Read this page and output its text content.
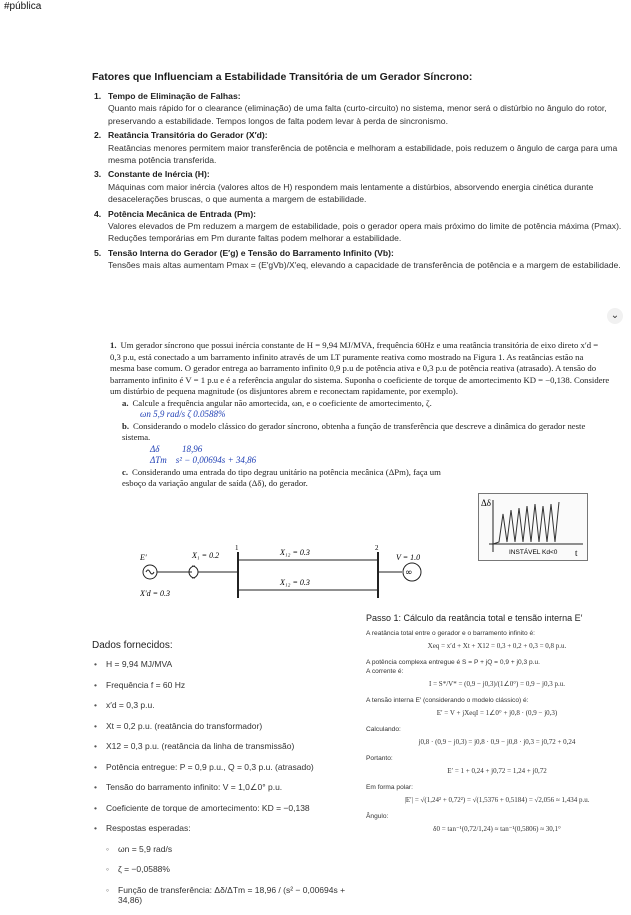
#pública
Fatores que Influenciam a Estabilidade Transitória de um Gerador Síncrono:
1. Tempo de Eliminação de Falhas:
Quanto mais rápido for o clearance (eliminação) de uma falta (curto-circuito) no sistema, menor será o distúrbio no ângulo do rotor, preservando a estabilidade. Tempos longos de falta podem levar à perda de sincronismo.
2. Reatância Transitória do Gerador (X′d):
Reatâncias menores permitem maior transferência de potência e melhoram a estabilidade, pois reduzem o ângulo de carga para uma mesma potência transferida.
3. Constante de Inércia (H):
Máquinas com maior inércia (valores altos de H) respondem mais lentamente a distúrbios, absorvendo energia cinética durante desacelerações bruscas, o que aumenta a margem de estabilidade.
4. Potência Mecânica de Entrada (Pm):
Valores elevados de Pm reduzem a margem de estabilidade, pois o gerador opera mais próximo do limite de potência máxima (Pmax). Reduções temporárias em Pm durante faltas podem melhorar a estabilidade.
5. Tensão Interna do Gerador (E′g) e Tensão do Barramento Infinito (Vb):
Tensões mais altas aumentam Pmax = (E′gVb)/X′eq, elevando a capacidade de transferência de potência e a margem de estabilidade.
⌄
1. Um gerador síncrono que possui inércia constante de H = 9,94 MJ/MVA, frequência 60Hz e uma reatância transitória de eixo direto x′d = 0,3 p.u, está conectado a um barramento infinito através de um LT puramente reativa como mostrado na Figura 1. As reatâncias estão na mesma base comum. O gerador entrega ao barramento infinito 0,9 p.u de potência ativa e 0,3 p.u de potência reativa (atrasado). A tensão do barramento infinito é V = 1 p.u e é a referência angular do sistema. Suponha o coeficiente de torque de amortecimento KD = −0,138. Considere um distúrbio de pequena magnitude (os disjuntores abrem e reconectam rapidamente, por exemplo).
a. Calcule a frequência angular não amortecida, ωn, e o coeficiente de amortecimento, ζ.
ωn 5,9 rad/s ζ 0.0588%
b. Considerando o modelo clássico do gerador síncrono, obtenha a função de transferência que descreve a dinâmica do gerador neste sistema.
Δδ          18,96
ΔTm    s² − 0,00694s + 34,86
c. Considerando uma entrada do tipo degrau unitário na potência mecânica (ΔPm), faça um esboço da variação angular de saída (Δδ), do gerador.
Δδ
t
INSTÁVEL Kd<0
∞
E′
X′d = 0.3
X₁ = 0.2	X₁₂ = 0.3
X₁₂ = 0.3
V = 1.0
1	2
Dados fornecidos:
• H = 9,94 MJ/MVA
• Frequência f = 60 Hz
• x′d = 0,3 p.u.
• Xt = 0,2 p.u. (reatância do transformador)
• X12 = 0,3 p.u. (reatância da linha de transmissão)
• Potência entregue: P = 0,9 p.u., Q = 0,3 p.u. (atrasado)
• Tensão do barramento infinito: V = 1,0∠0° p.u.
• Coeficiente de torque de amortecimento: KD = −0,138
• Respostas esperadas:
◦ ωn = 5,9 rad/s
◦ ζ = −0,0588%
◦ Função de transferência: Δδ/ΔTm = 18,96 / (s² − 0,00694s + 34,86)
Passo 1: Cálculo da reatância total e tensão interna E′
A reatância total entre o gerador e o barramento infinito é:
Xeq = x′d + Xt + X12 = 0,3 + 0,2 + 0,3 = 0,8 p.u.
A potência complexa entregue é S = P + jQ = 0,9 + j0,3 p.u.
A corrente é:
I = S*/V* = (0,9 − j0,3)/(1∠0°) = 0,9 − j0,3 p.u.
A tensão interna E′ (considerando o modelo clássico) é:
E′ = V + jXeqI = 1∠0° + j0,8 · (0,9 − j0,3)
Calculando:
j0,8 · (0,9 − j0,3) = j0,8 · 0,9 − j0,8 · j0,3 = j0,72 + 0,24
Portanto:
E′ = 1 + 0,24 + j0,72 = 1,24 + j0,72
Em forma polar:
|E′| = √(1,24² + 0,72²) = √(1,5376 + 0,5184) = √2,056 ≈ 1,434 p.u.
Ângulo:
δ0 = tan⁻¹(0,72/1,24) ≈ tan⁻¹(0,5806) ≈ 30,1°
